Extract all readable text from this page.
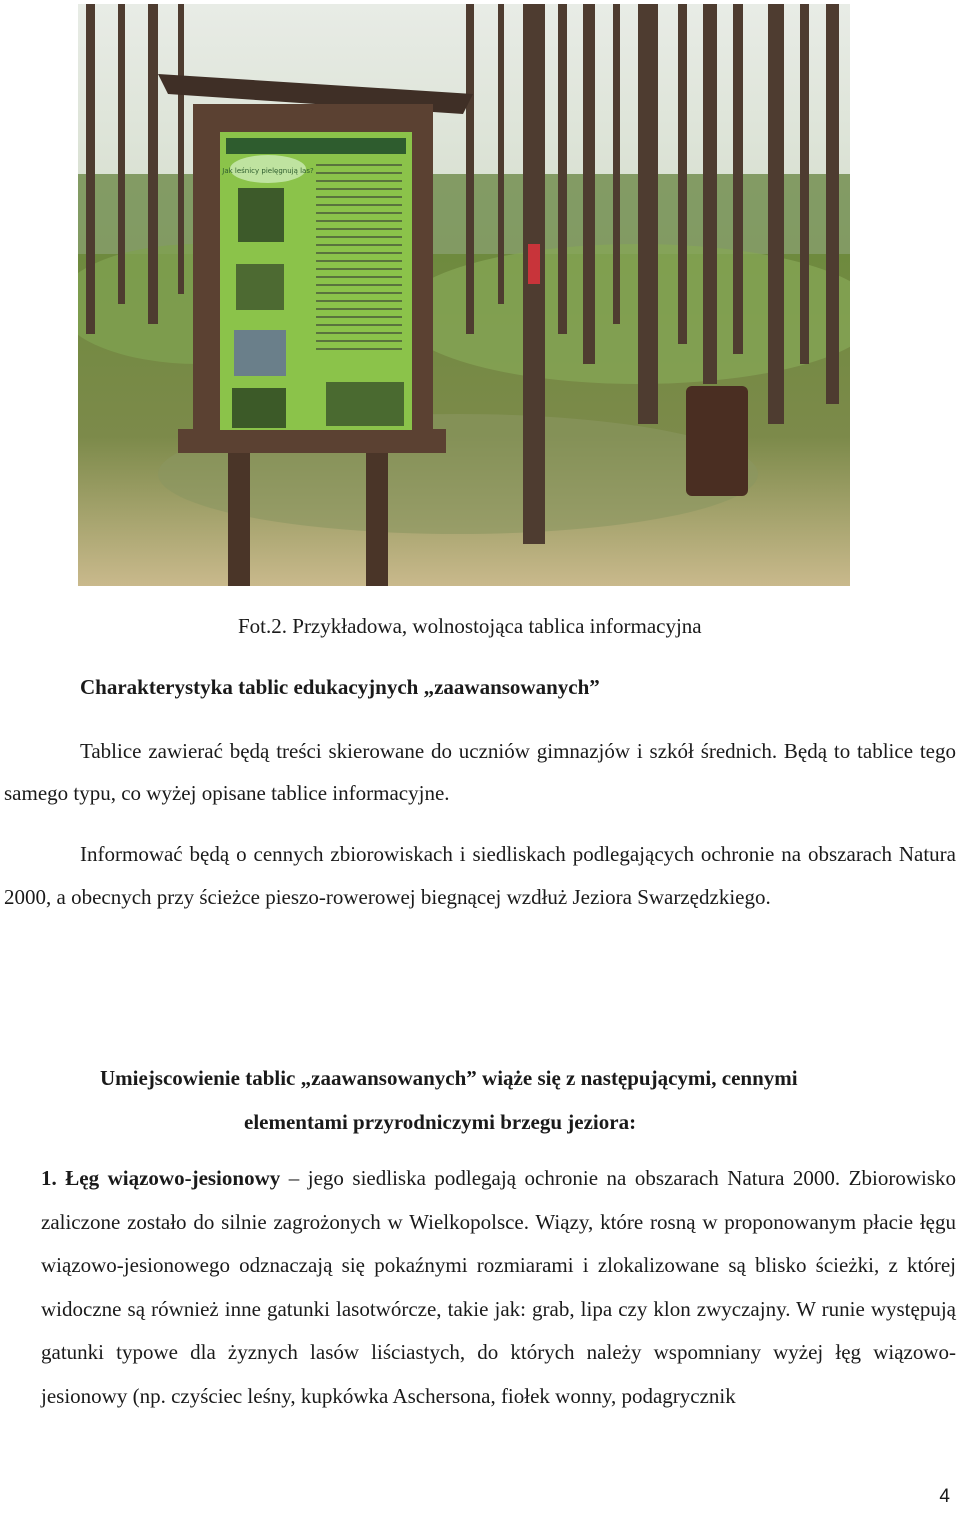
Jak leśnicy pielęgnują las?
Fot.2. Przykładowa, wolnostojąca tablica informacyjna
Charakterystyka tablic edukacyjnych „zaawansowanych”

Tablice zawierać będą treści skierowane do uczniów gimnazjów i szkół średnich. Będą to tablice tego samego typu, co wyżej opisane tablice informacyjne.

Informować będą o cennych zbiorowiskach i siedliskach podlegających ochronie na obszarach Natura 2000, a obecnych przy ścieżce pieszo-rowerowej biegnącej wzdłuż Jeziora Swarzędzkiego.

Umiejscowienie tablic „zaawansowanych” wiąże się z następującymi, cennymi
elementami przyrodniczymi brzegu jeziora:

1. Łęg wiązowo-jesionowy – jego siedliska podlegają ochronie na obszarach Natura 2000. Zbiorowisko zaliczone zostało do silnie zagrożonych w Wielkopolsce. Wiązy, które rosną w proponowanym płacie łęgu wiązowo-jesionowego odznaczają się pokaźnymi rozmiarami i zlokalizowane są blisko ścieżki, z której widoczne są również inne gatunki lasotwórcze, takie jak: grab, lipa czy klon zwyczajny. W runie występują gatunki typowe dla żyznych lasów liściastych, do których należy wspomniany wyżej łęg wiązowo-jesionowy (np. czyściec leśny, kupkówka Aschersona, fiołek wonny, podagrycznik

4
